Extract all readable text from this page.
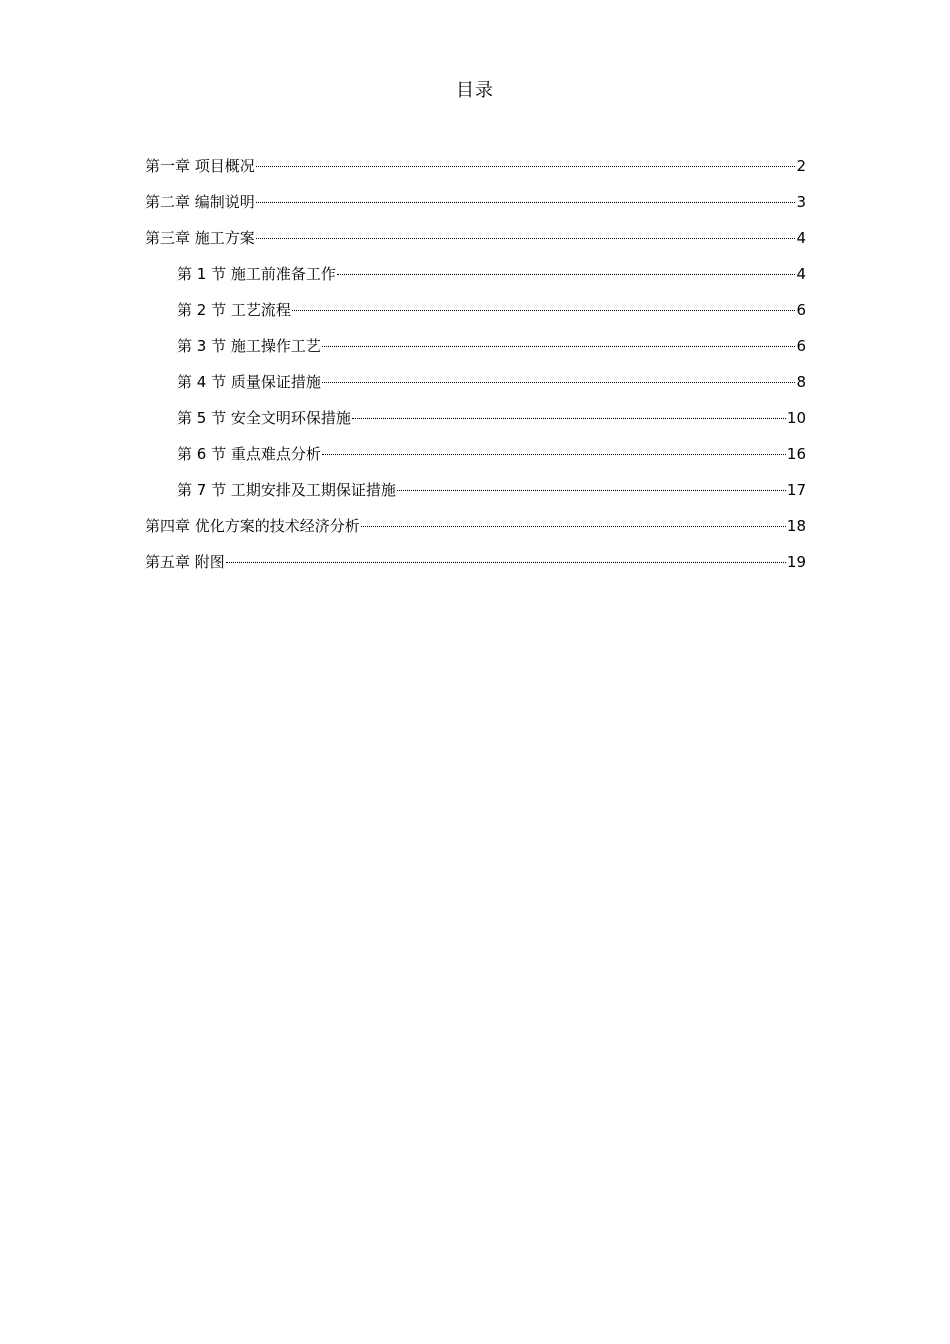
目录
第一章 项目概况	2
第二章 编制说明	3
第三章 施工方案	4
第 1 节 施工前准备工作	4
第 2 节 工艺流程	6
第 3 节 施工操作工艺	6
第 4 节 质量保证措施	8
第 5 节 安全文明环保措施	10
第 6 节 重点难点分析	16
第 7 节 工期安排及工期保证措施	17
第四章 优化方案的技术经济分析	18
第五章 附图	19
